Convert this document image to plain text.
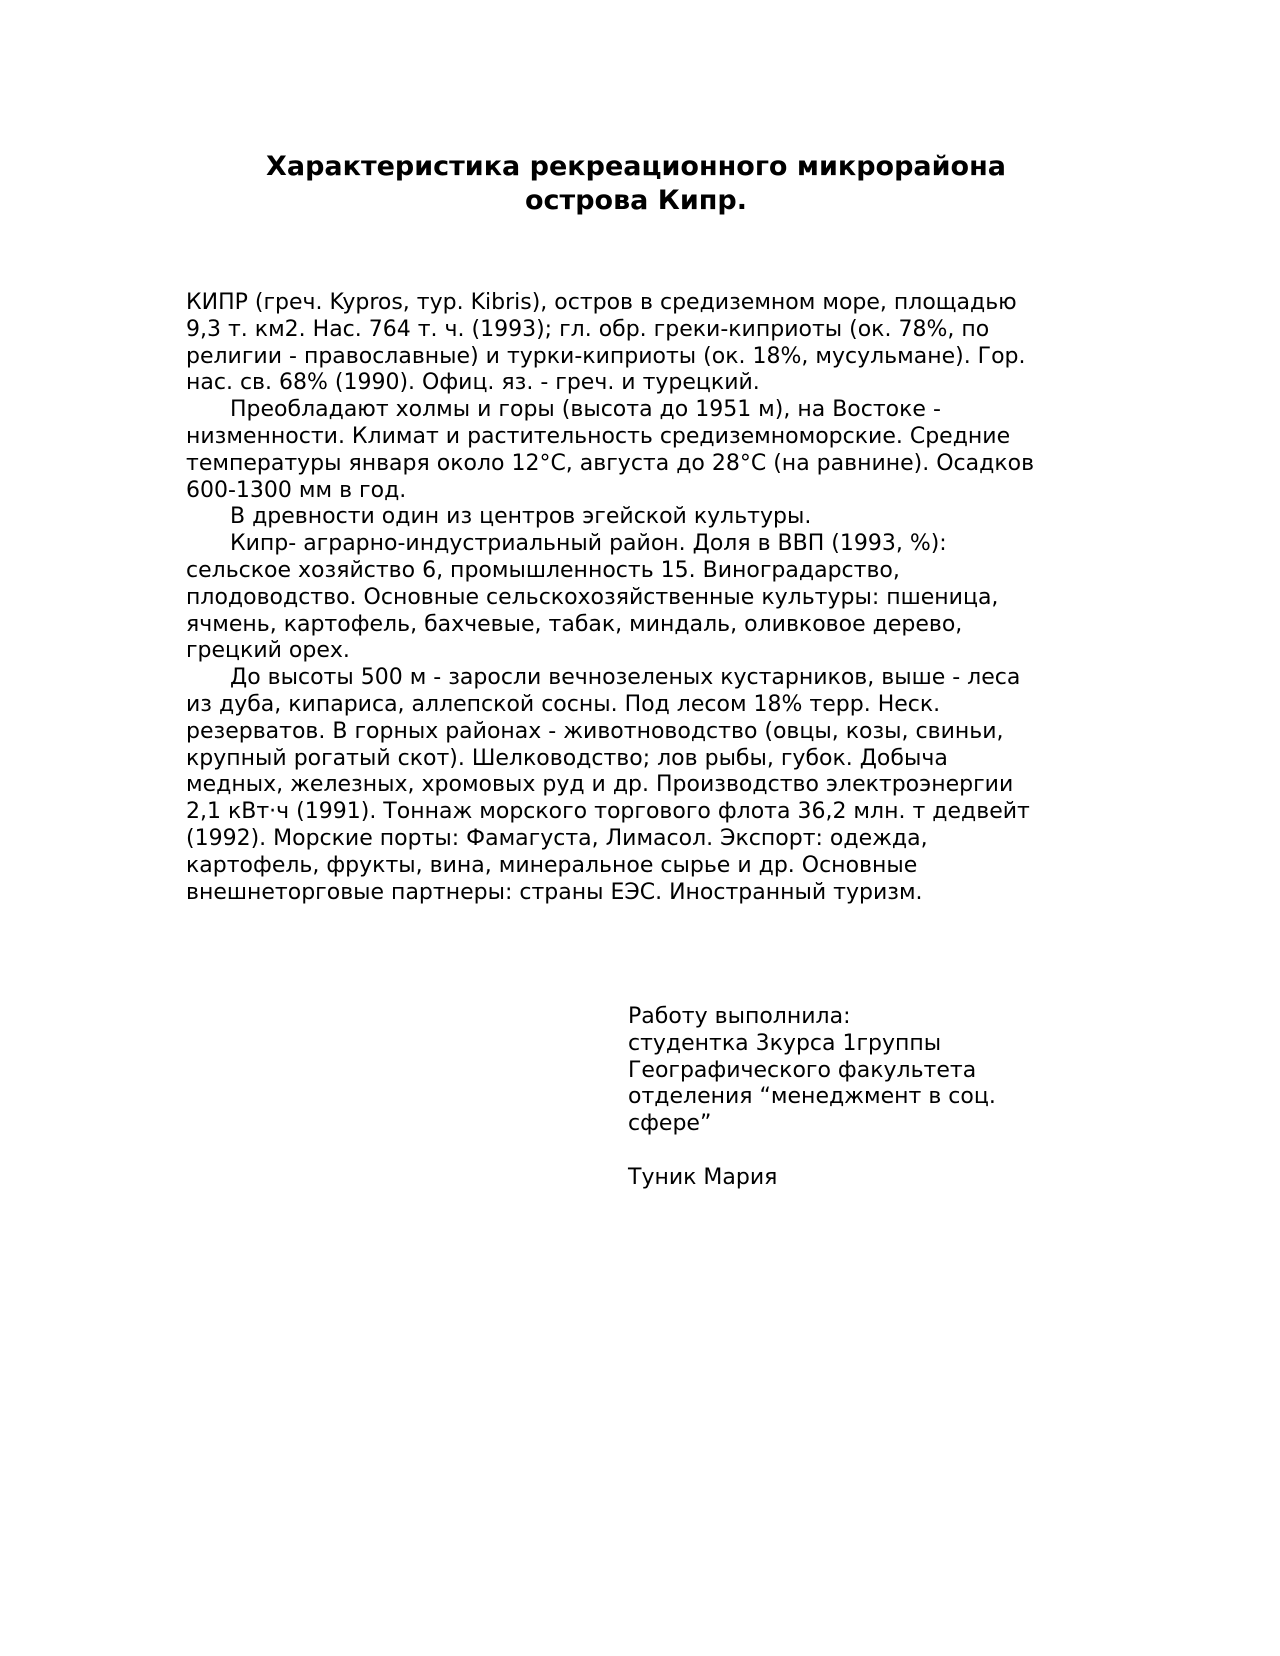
Характеристика рекреационного микрорайона
острова Кипр.

КИПР (греч. Kypros, тур. Kibris), остров в средиземном море, площадью
9,3 т. км2. Нас. 764 т. ч. (1993); гл. обр. греки-киприоты (ок. 78%, по
религии - православные) и турки-киприоты (ок. 18%, мусульмане). Гор.
нас. св. 68% (1990). Офиц. яз. - греч. и турецкий.

Преобладают холмы и горы (высота до 1951 м), на Востоке -
низменности. Климат и растительность средиземноморские. Средние
температуры января около 12°С, августа до 28°С (на равнине). Осадков
600-1300 мм в год.

В древности один из центров эгейской культуры.

Кипр- аграрно-индустриальный район. Доля в ВВП (1993, %):
сельское хозяйство 6, промышленность 15. Виноградарство,
плодоводство. Основные сельскохозяйственные культуры: пшеница,
ячмень, картофель, бахчевые, табак, миндаль, оливковое дерево,
грецкий орех.

До высоты 500 м - заросли вечнозеленых кустарников, выше - леса
из дуба, кипариса, аллепской сосны. Под лесом 18% терр. Неск.
резерватов. В горных районах - животноводство (овцы, козы, свиньи,
крупный рогатый скот). Шелководство; лов рыбы, губок. Добыча
медных, железных, хромовых руд и др. Производство электроэнергии
2,1 кВт·ч (1991). Тоннаж морского торгового флота 36,2 млн. т дедвейт
(1992). Морские порты: Фамагуста, Лимасол. Экспорт: одежда,
картофель, фрукты, вина, минеральное сырье и др. Основные
внешнеторговые партнеры: страны ЕЭС. Иностранный туризм.

Работу выполнила:
студентка 3курса 1группы
Географического факультета
отделения “менеджмент в соц.
сфере”
Туник Мария
